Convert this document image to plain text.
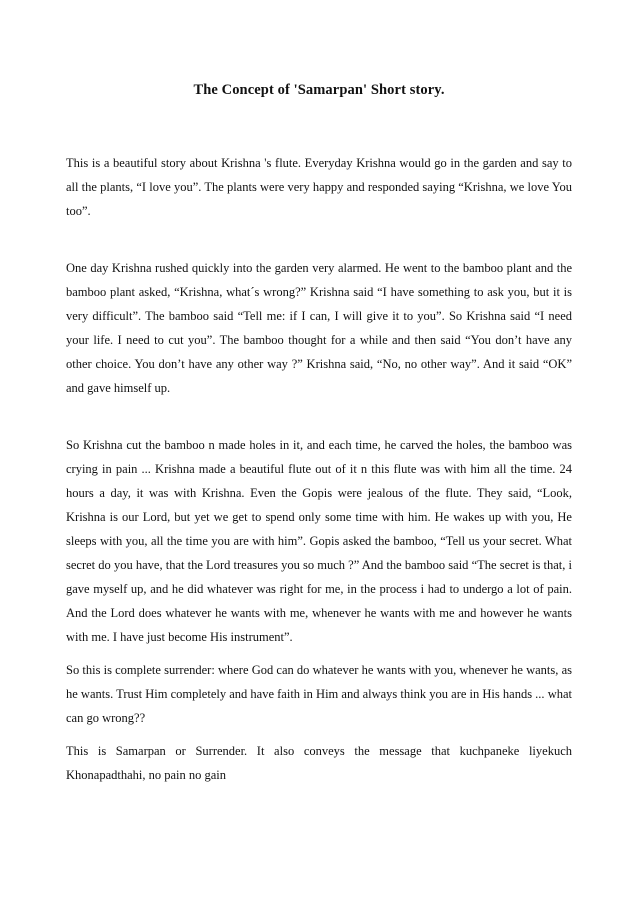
The Concept of 'Samarpan' Short story.

This is a beautiful story about Krishna 's flute. Everyday Krishna would go in the garden and say to all the plants, “I love you”. The plants were very happy and responded saying “Krishna, we love You too”.

One day Krishna rushed quickly into the garden very alarmed. He went to the bamboo plant and the bamboo plant asked, “Krishna, what´s wrong?” Krishna said “I have something to ask you, but it is very difficult”. The bamboo said “Tell me: if I can, I will give it to you”. So Krishna said “I need your life. I need to cut you”. The bamboo thought for a while and then said “You don’t have any other choice. You don’t have any other way ?” Krishna said, “No, no other way”. And it said “OK” and gave himself up.

So Krishna cut the bamboo n made holes in it, and each time, he carved the holes, the bamboo was crying in pain ... Krishna made a beautiful flute out of it n this flute was with him all the time. 24 hours a day, it was with Krishna. Even the Gopis were jealous of the flute. They said, “Look, Krishna is our Lord, but yet we get to spend only some time with him. He wakes up with you, He sleeps with you, all the time you are with him”. Gopis asked the bamboo, “Tell us your secret. What secret do you have, that the Lord treasures you so much ?” And the bamboo said “The secret is that, i gave myself up, and he did whatever was right for me, in the process i had to undergo a lot of pain. And the Lord does whatever he wants with me, whenever he wants with me and however he wants with me. I have just become His instrument”.

So this is complete surrender: where God can do whatever he wants with you, whenever he wants, as he wants. Trust Him completely and have faith in Him and always think you are in His hands ... what can go wrong??

This is Samarpan or Surrender. It also conveys the message that kuchpaneke liyekuch Khonapadthahi, no pain no gain
